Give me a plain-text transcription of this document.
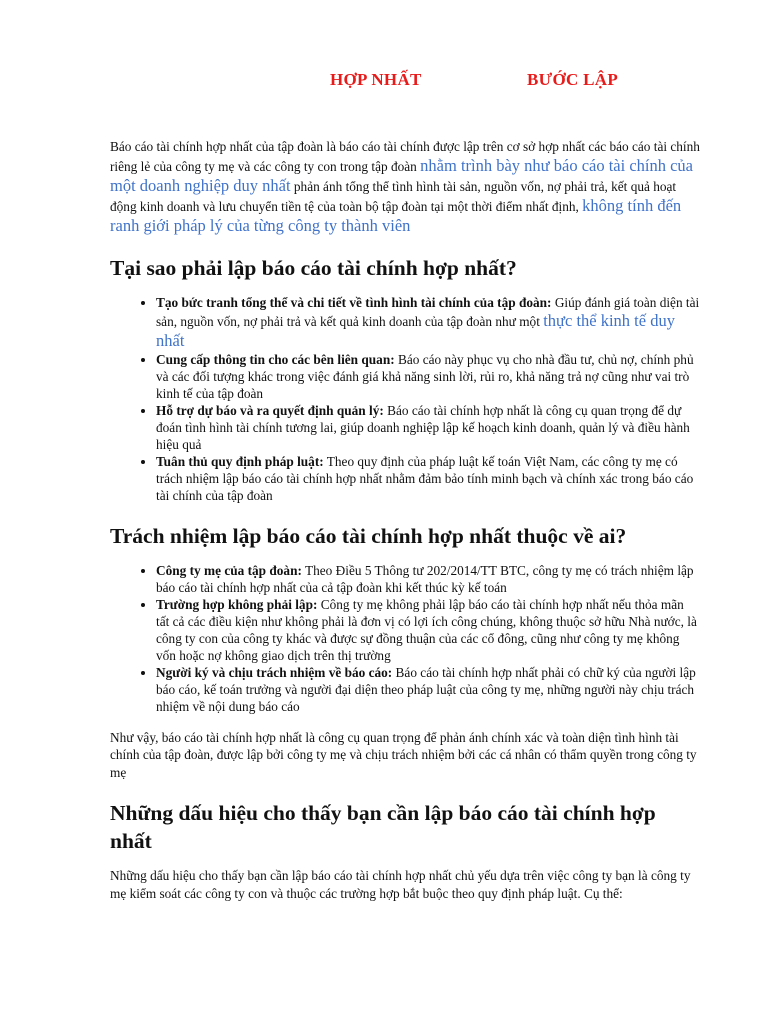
HỢP NHẤT	BƯỚC LẬP

Báo cáo tài chính hợp nhất của tập đoàn là báo cáo tài chính được lập trên cơ sở hợp nhất các báo cáo tài chính riêng lẻ của công ty mẹ và các công ty con trong tập đoàn nhằm trình bày như báo cáo tài chính của một doanh nghiệp duy nhất phản ánh tổng thể tình hình tài sản, nguồn vốn, nợ phải trả, kết quả hoạt động kinh doanh và lưu chuyển tiền tệ của toàn bộ tập đoàn tại một thời điểm nhất định, không tính đến ranh giới pháp lý của từng công ty thành viên

Tại sao phải lập báo cáo tài chính hợp nhất?
• Tạo bức tranh tổng thể và chi tiết về tình hình tài chính của tập đoàn: Giúp đánh giá toàn diện tài sản, nguồn vốn, nợ phải trả và kết quả kinh doanh của tập đoàn như một thực thể kinh tế duy nhất
• Cung cấp thông tin cho các bên liên quan: Báo cáo này phục vụ cho nhà đầu tư, chủ nợ, chính phủ và các đối tượng khác trong việc đánh giá khả năng sinh lời, rủi ro, khả năng trả nợ cũng như vai trò kinh tế của tập đoàn
• Hỗ trợ dự báo và ra quyết định quản lý: Báo cáo tài chính hợp nhất là công cụ quan trọng để dự đoán tình hình tài chính tương lai, giúp doanh nghiệp lập kế hoạch kinh doanh, quản lý và điều hành hiệu quả
• Tuân thủ quy định pháp luật: Theo quy định của pháp luật kế toán Việt Nam, các công ty mẹ có trách nhiệm lập báo cáo tài chính hợp nhất nhằm đảm bảo tính minh bạch và chính xác trong báo cáo tài chính của tập đoàn
Trách nhiệm lập báo cáo tài chính hợp nhất thuộc về ai?
• Công ty mẹ của tập đoàn: Theo Điều 5 Thông tư 202/2014/TT BTC, công ty mẹ có trách nhiệm lập báo cáo tài chính hợp nhất của cả tập đoàn khi kết thúc kỳ kế toán
• Trường hợp không phải lập: Công ty mẹ không phải lập báo cáo tài chính hợp nhất nếu thỏa mãn tất cả các điều kiện như không phải là đơn vị có lợi ích công chúng, không thuộc sở hữu Nhà nước, là công ty con của công ty khác và được sự đồng thuận của các cổ đông, cũng như công ty mẹ không vốn hoặc nợ không giao dịch trên thị trường
• Người ký và chịu trách nhiệm về báo cáo: Báo cáo tài chính hợp nhất phải có chữ ký của người lập báo cáo, kế toán trưởng và người đại diện theo pháp luật của công ty mẹ, những người này chịu trách nhiệm về nội dung báo cáo

Như vậy, báo cáo tài chính hợp nhất là công cụ quan trọng để phản ánh chính xác và toàn diện tình hình tài chính của tập đoàn, được lập bởi công ty mẹ và chịu trách nhiệm bởi các cá nhân có thẩm quyền trong công ty mẹ

Những dấu hiệu cho thấy bạn cần lập báo cáo tài chính hợp nhất

Những dấu hiệu cho thấy bạn cần lập báo cáo tài chính hợp nhất chủ yếu dựa trên việc công ty bạn là công ty mẹ kiểm soát các công ty con và thuộc các trường hợp bắt buộc theo quy định pháp luật. Cụ thể:
